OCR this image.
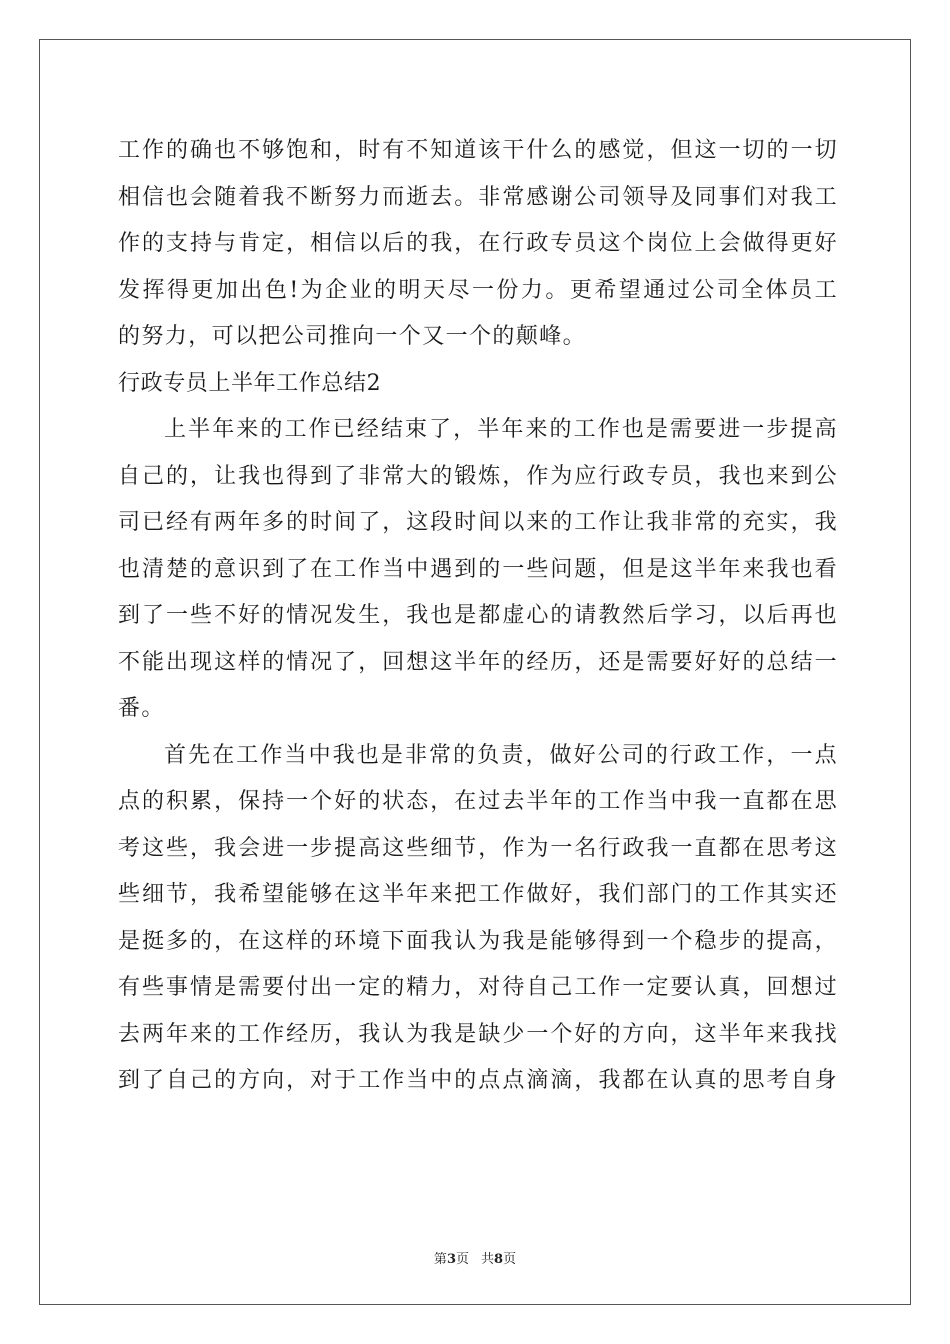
工作的确也不够饱和，时有不知道该干什么的感觉，但这一切的一切
相信也会随着我不断努力而逝去。非常感谢公司领导及同事们对我工
作的支持与肯定，相信以后的我，在行政专员这个岗位上会做得更好
发挥得更加出色!为企业的明天尽一份力。更希望通过公司全体员工
的努力，可以把公司推向一个又一个的颠峰。
行政专员上半年工作总结2
上半年来的工作已经结束了，半年来的工作也是需要进一步提高
自己的，让我也得到了非常大的锻炼，作为应行政专员，我也来到公
司已经有两年多的时间了，这段时间以来的工作让我非常的充实，我
也清楚的意识到了在工作当中遇到的一些问题，但是这半年来我也看
到了一些不好的情况发生，我也是都虚心的请教然后学习，以后再也
不能出现这样的情况了，回想这半年的经历，还是需要好好的总结一
番。
首先在工作当中我也是非常的负责，做好公司的行政工作，一点
点的积累，保持一个好的状态，在过去半年的工作当中我一直都在思
考这些，我会进一步提高这些细节，作为一名行政我一直都在思考这
些细节，我希望能够在这半年来把工作做好，我们部门的工作其实还
是挺多的，在这样的环境下面我认为我是能够得到一个稳步的提高，
有些事情是需要付出一定的精力，对待自己工作一定要认真，回想过
去两年来的工作经历，我认为我是缺少一个好的方向，这半年来我找
到了自己的方向，对于工作当中的点点滴滴，我都在认真的思考自身
第3页 共8页
